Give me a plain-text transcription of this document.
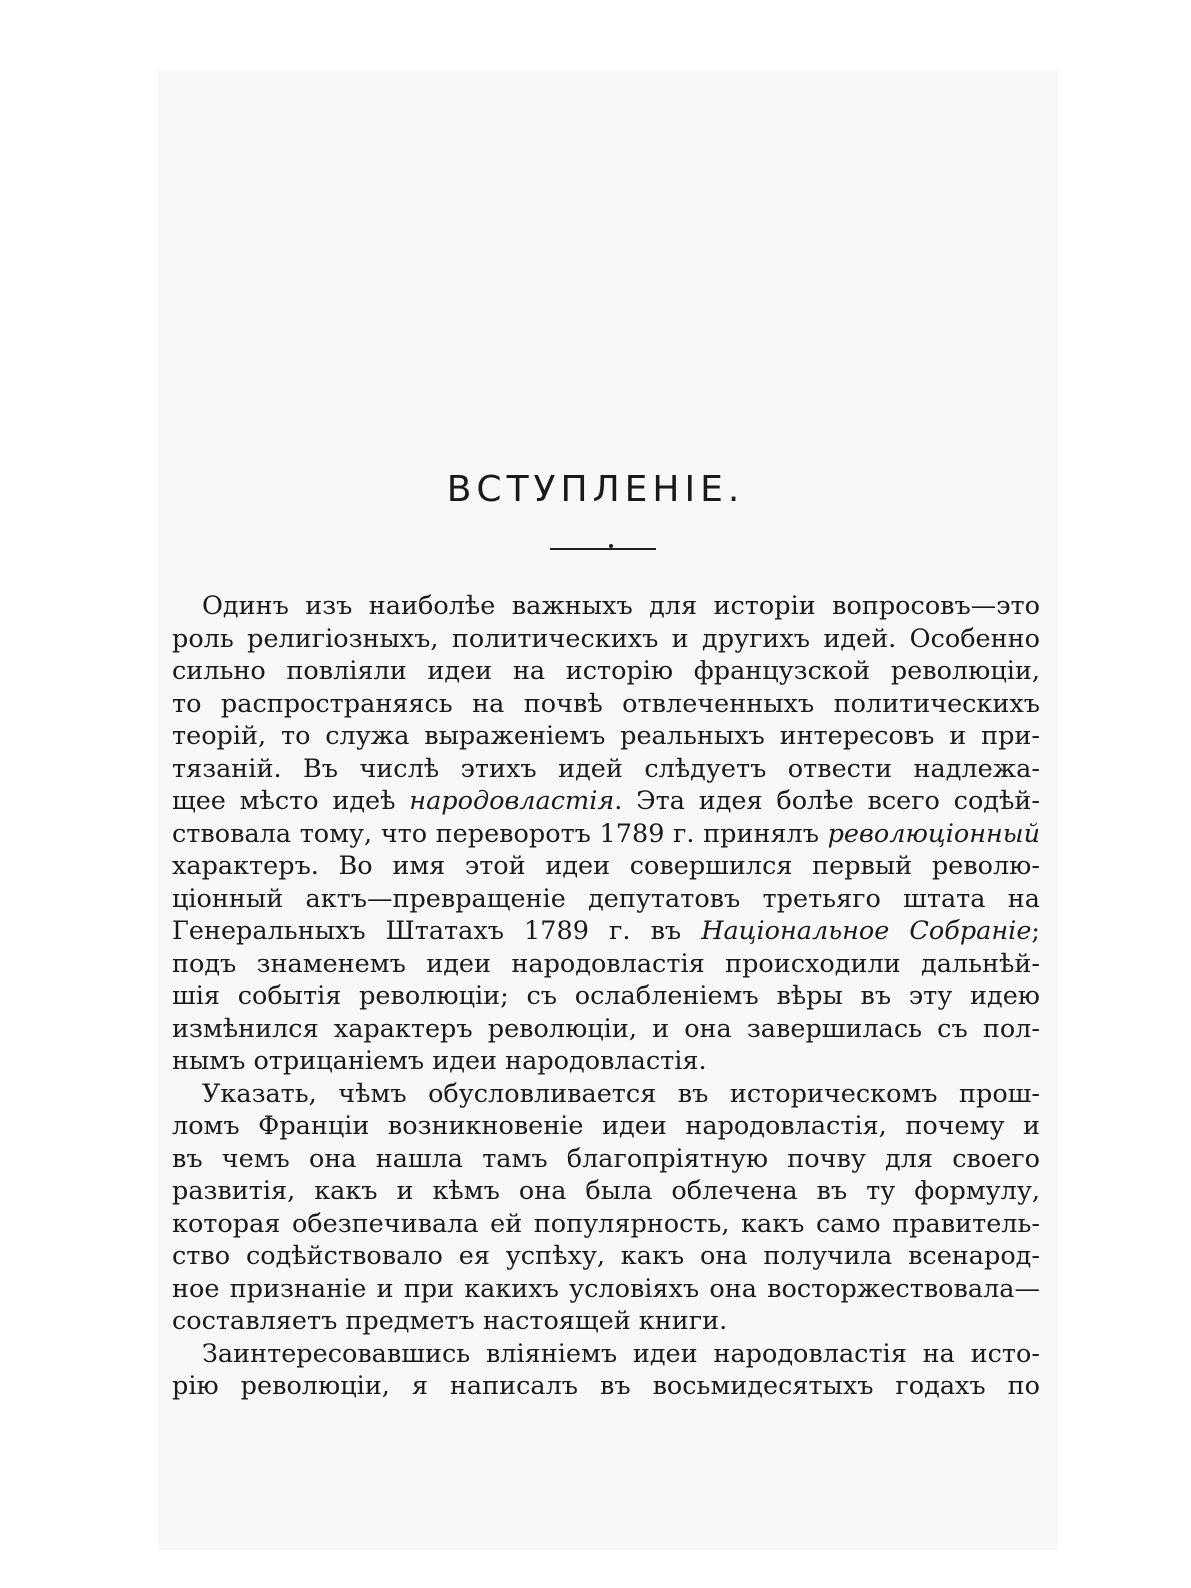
ВСТУПЛЕНІЕ.
Одинъ изъ наиболѣе важныхъ для исторіи вопросовъ—это
роль религіозныхъ, политическихъ и другихъ идей. Особенно
сильно повліяли идеи на исторію французской революціи,
то распространяясь на почвѣ отвлеченныхъ политическихъ
теорій, то служа выраженіемъ реальныхъ интересовъ и при-
тязаній. Въ числѣ этихъ идей слѣдуетъ отвести надлежа-
щее мѣсто идеѣ народовластія. Эта идея болѣе всего содѣй-
ствовала тому, что переворотъ 1789 г. принялъ революціонный
характеръ. Во имя этой идеи совершился первый револю-
ціонный актъ—превращеніе депутатовъ третьяго штата на
Генеральныхъ Штатахъ 1789 г. въ Національное Собраніе;
подъ знаменемъ идеи народовластія происходили дальнѣй-
шія событія революціи; съ ослабленіемъ вѣры въ эту идею
измѣнился характеръ революціи, и она завершилась съ пол-
нымъ отрицаніемъ идеи народовластія.
Указать, чѣмъ обусловливается въ историческомъ прош-
ломъ Франціи возникновеніе идеи народовластія, почему и
въ чемъ она нашла тамъ благопріятную почву для своего
развитія, какъ и кѣмъ она была облечена въ ту формулу,
которая обезпечивала ей популярность, какъ само правитель-
ство содѣйствовало ея успѣху, какъ она получила всенарод-
ное признаніе и при какихъ условіяхъ она восторжествовала—
составляетъ предметъ настоящей книги.
Заинтересовавшись вліяніемъ идеи народовластія на исто-
рію революціи, я написалъ въ восьмидесятыхъ годахъ по
